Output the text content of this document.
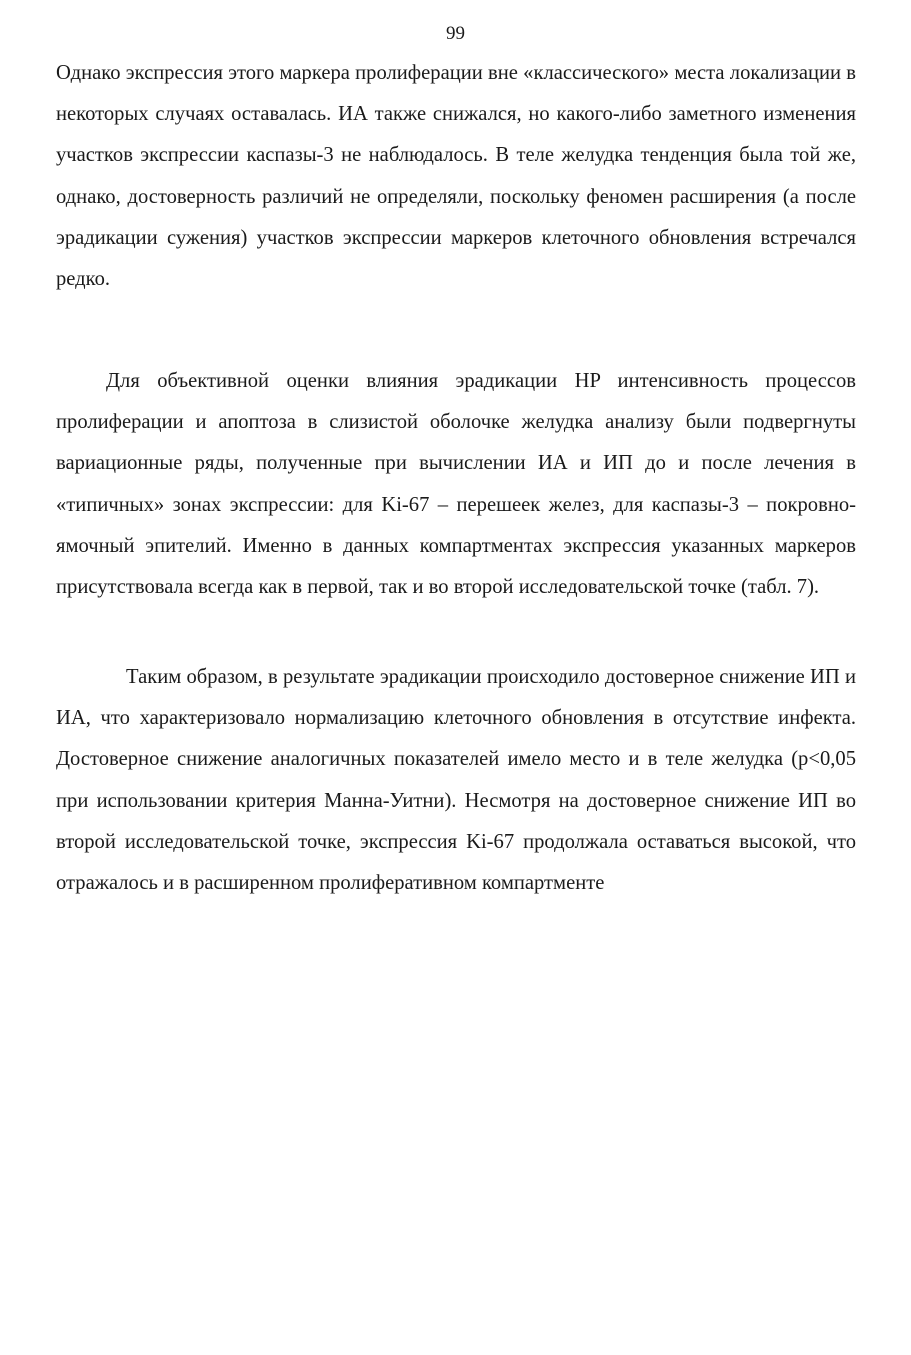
99

Однако экспрессия этого маркера пролиферации вне «классического» места локализации в некоторых случаях оставалась. ИА также снижался, но какого-либо заметного изменения участков экспрессии каспазы-3 не наблюдалось. В теле желудка тенденция была той же, однако, достоверность различий не определяли, поскольку феномен расширения (а после эрадикации сужения) участков экспрессии маркеров клеточного обновления встречался редко.

Для объективной оценки влияния эрадикации HP интенсивность процессов пролиферации и апоптоза в слизистой оболочке желудка анализу были подвергнуты вариационные ряды, полученные при вычислении ИА и ИП до и после лечения в «типичных» зонах экспрессии: для Ki-67 – перешеек желез, для каспазы-3 – покровно-ямочный эпителий. Именно в данных компартментах экспрессия указанных маркеров присутствовала всегда как в первой, так и во второй исследовательской точке (табл. 7).

Таким образом, в результате эрадикации происходило достоверное снижение ИП и ИА, что характеризовало нормализацию клеточного обновления в отсутствие инфекта. Достоверное снижение аналогичных показателей имело место и в теле желудка (p<0,05 при использовании критерия Манна-Уитни). Несмотря на достоверное снижение ИП во второй исследовательской точке, экспрессия Ki-67 продолжала оставаться высокой, что отражалось и в расширенном пролиферативном компартменте
